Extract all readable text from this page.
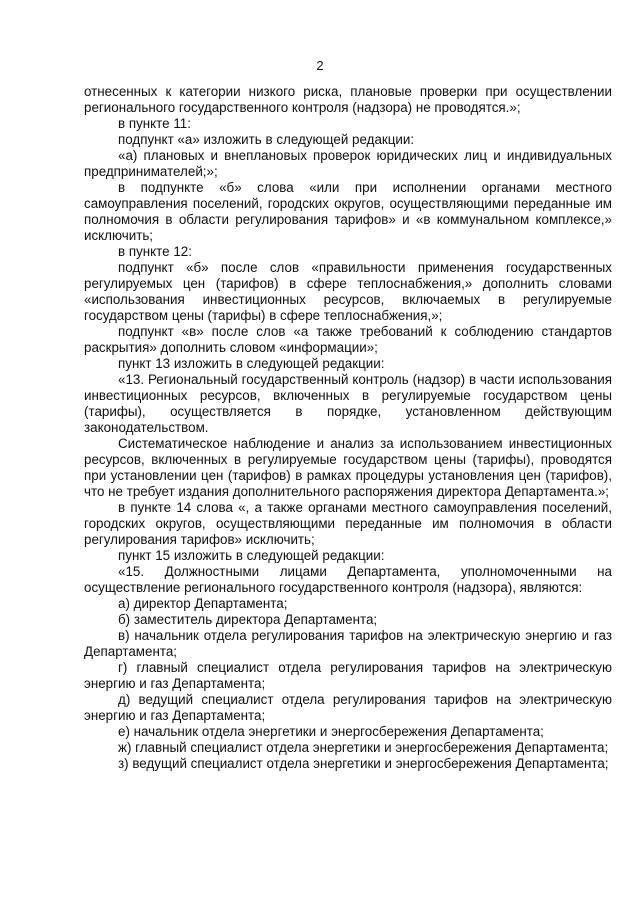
2

отнесенных к категории низкого риска, плановые проверки при осуществлении регионального государственного контроля (надзора) не проводятся.»;

в пункте 11:

подпункт «а» изложить в следующей редакции:

«а) плановых и внеплановых проверок юридических лиц и индивидуальных предпринимателей;»;

в подпункте «б» слова «или при исполнении органами местного самоуправления поселений, городских округов, осуществляющими переданные им полномочия в области регулирования тарифов» и «в коммунальном комплексе,» исключить;

в пункте 12:

подпункт «б» после слов «правильности применения государственных регулируемых цен (тарифов) в сфере теплоснабжения,» дополнить словами «использования инвестиционных ресурсов, включаемых в регулируемые государством цены (тарифы) в сфере теплоснабжения,»;

подпункт «в» после слов «а также требований к соблюдению стандартов раскрытия» дополнить словом «информации»;

пункт 13 изложить в следующей редакции:

«13. Региональный государственный контроль (надзор) в части использования инвестиционных ресурсов, включенных в регулируемые государством цены (тарифы), осуществляется в порядке, установленном действующим законодательством.

Систематическое наблюдение и анализ за использованием инвестиционных ресурсов, включенных в регулируемые государством цены (тарифы), проводятся при установлении цен (тарифов) в рамках процедуры установления цен (тарифов), что не требует издания дополнительного распоряжения директора Департамента.»;

в пункте 14 слова «, а также органами местного самоуправления поселений, городских округов, осуществляющими переданные им полномочия в области регулирования тарифов» исключить;

пункт 15 изложить в следующей редакции:

«15. Должностными лицами Департамента, уполномоченными на осуществление регионального государственного контроля (надзора), являются:

а) директор Департамента;

б) заместитель директора Департамента;

в) начальник отдела регулирования тарифов на электрическую энергию и газ Департамента;

г) главный специалист отдела регулирования тарифов на электрическую энергию и газ Департамента;

д) ведущий специалист отдела регулирования тарифов на электрическую энергию и газ Департамента;

е) начальник отдела энергетики и энергосбережения Департамента;

ж) главный специалист отдела энергетики и энергосбережения Департамента;

з) ведущий специалист отдела энергетики и энергосбережения Департамента;
